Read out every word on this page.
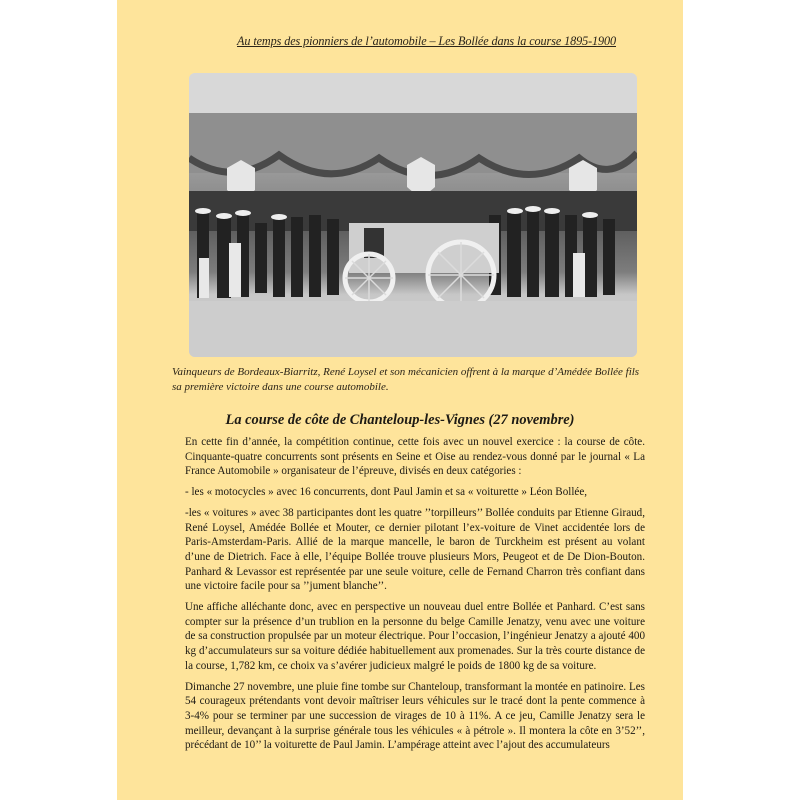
Au temps des pionniers de l’automobile – Les Bollée dans la course 1895-1900
Vainqueurs de Bordeaux-Biarritz, René Loysel et son mécanicien offrent à la marque d’Amédée Bollée fils sa première victoire dans une course automobile.
La course de côte de Chanteloup-les-Vignes (27 novembre)

En cette fin d’année, la compétition continue, cette fois avec un nouvel exercice : la course de côte. Cinquante-quatre concurrents sont présents en Seine et Oise au rendez-vous donné par le journal « La France Automobile » organisateur de l’épreuve, divisés en deux catégories :

- les « motocycles » avec 16 concurrents, dont Paul Jamin et sa « voiturette » Léon Bollée,

-les « voitures » avec 38 participantes dont les quatre ’’torpilleurs’’ Bollée conduits par Etienne Giraud, René Loysel, Amédée Bollée et Mouter, ce dernier pilotant l’ex-voiture de Vinet accidentée lors de Paris-Amsterdam-Paris. Allié de la marque mancelle, le baron de Turckheim est présent au volant d’une de Dietrich. Face à elle, l’équipe Bollée trouve plusieurs Mors, Peugeot et de De Dion-Bouton. Panhard & Levassor est représentée par une seule voiture, celle de Fernand Charron très confiant dans une victoire facile pour sa ’’jument blanche’’.

Une affiche alléchante donc, avec en perspective un nouveau duel entre Bollée et Panhard. C’est sans compter sur la présence d’un trublion en la personne du belge Camille Jenatzy, venu avec une voiture de sa construction propulsée par un moteur électrique. Pour l’occasion, l’ingénieur Jenatzy a ajouté 400 kg d’accumulateurs sur sa voiture dédiée habituellement aux promenades. Sur la très courte distance de la course, 1,782 km, ce choix va s’avérer judicieux malgré le poids de 1800 kg de sa voiture.

Dimanche 27 novembre, une pluie fine tombe sur Chanteloup, transformant la montée en patinoire. Les 54 courageux prétendants vont devoir maîtriser leurs véhicules sur le tracé dont la pente commence à 3-4% pour se terminer par une succession de virages de 10 à 11%. A ce jeu, Camille Jenatzy sera le meilleur, devançant à la surprise générale tous les véhicules « à pétrole ». Il montera la côte en 3’52’’, précédant de 10’’ la voiturette de Paul Jamin. L’ampérage atteint avec l’ajout des accumulateurs
